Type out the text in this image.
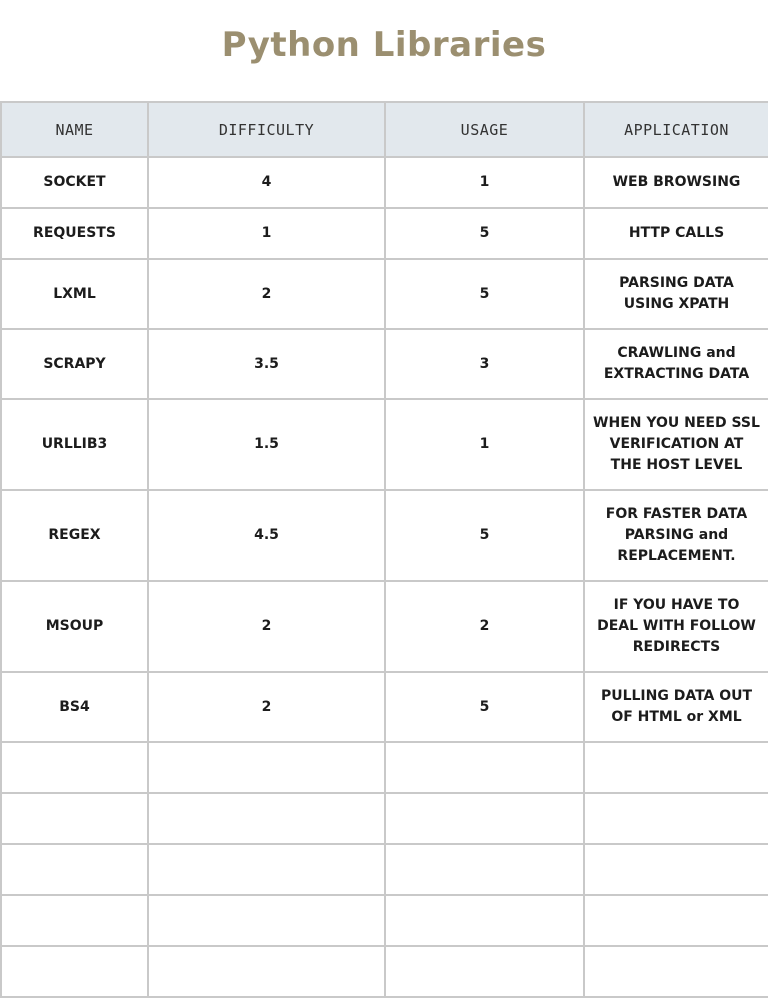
Python Libraries
NAME	DIFFICULTY	USAGE	APPLICATION
SOCKET	4	1	WEB BROWSING
REQUESTS	1	5	HTTP CALLS
LXML	2	5	PARSING DATA USING XPATH
SCRAPY	3.5	3	CRAWLING and EXTRACTING DATA
URLLIB3	1.5	1	WHEN YOU NEED SSL VERIFICATION AT THE HOST LEVEL
REGEX	4.5	5	FOR FASTER DATA PARSING and REPLACEMENT.
MSOUP	2	2	IF YOU HAVE TO DEAL WITH FOLLOW REDIRECTS
BS4	2	5	PULLING DATA OUT OF HTML or XML
